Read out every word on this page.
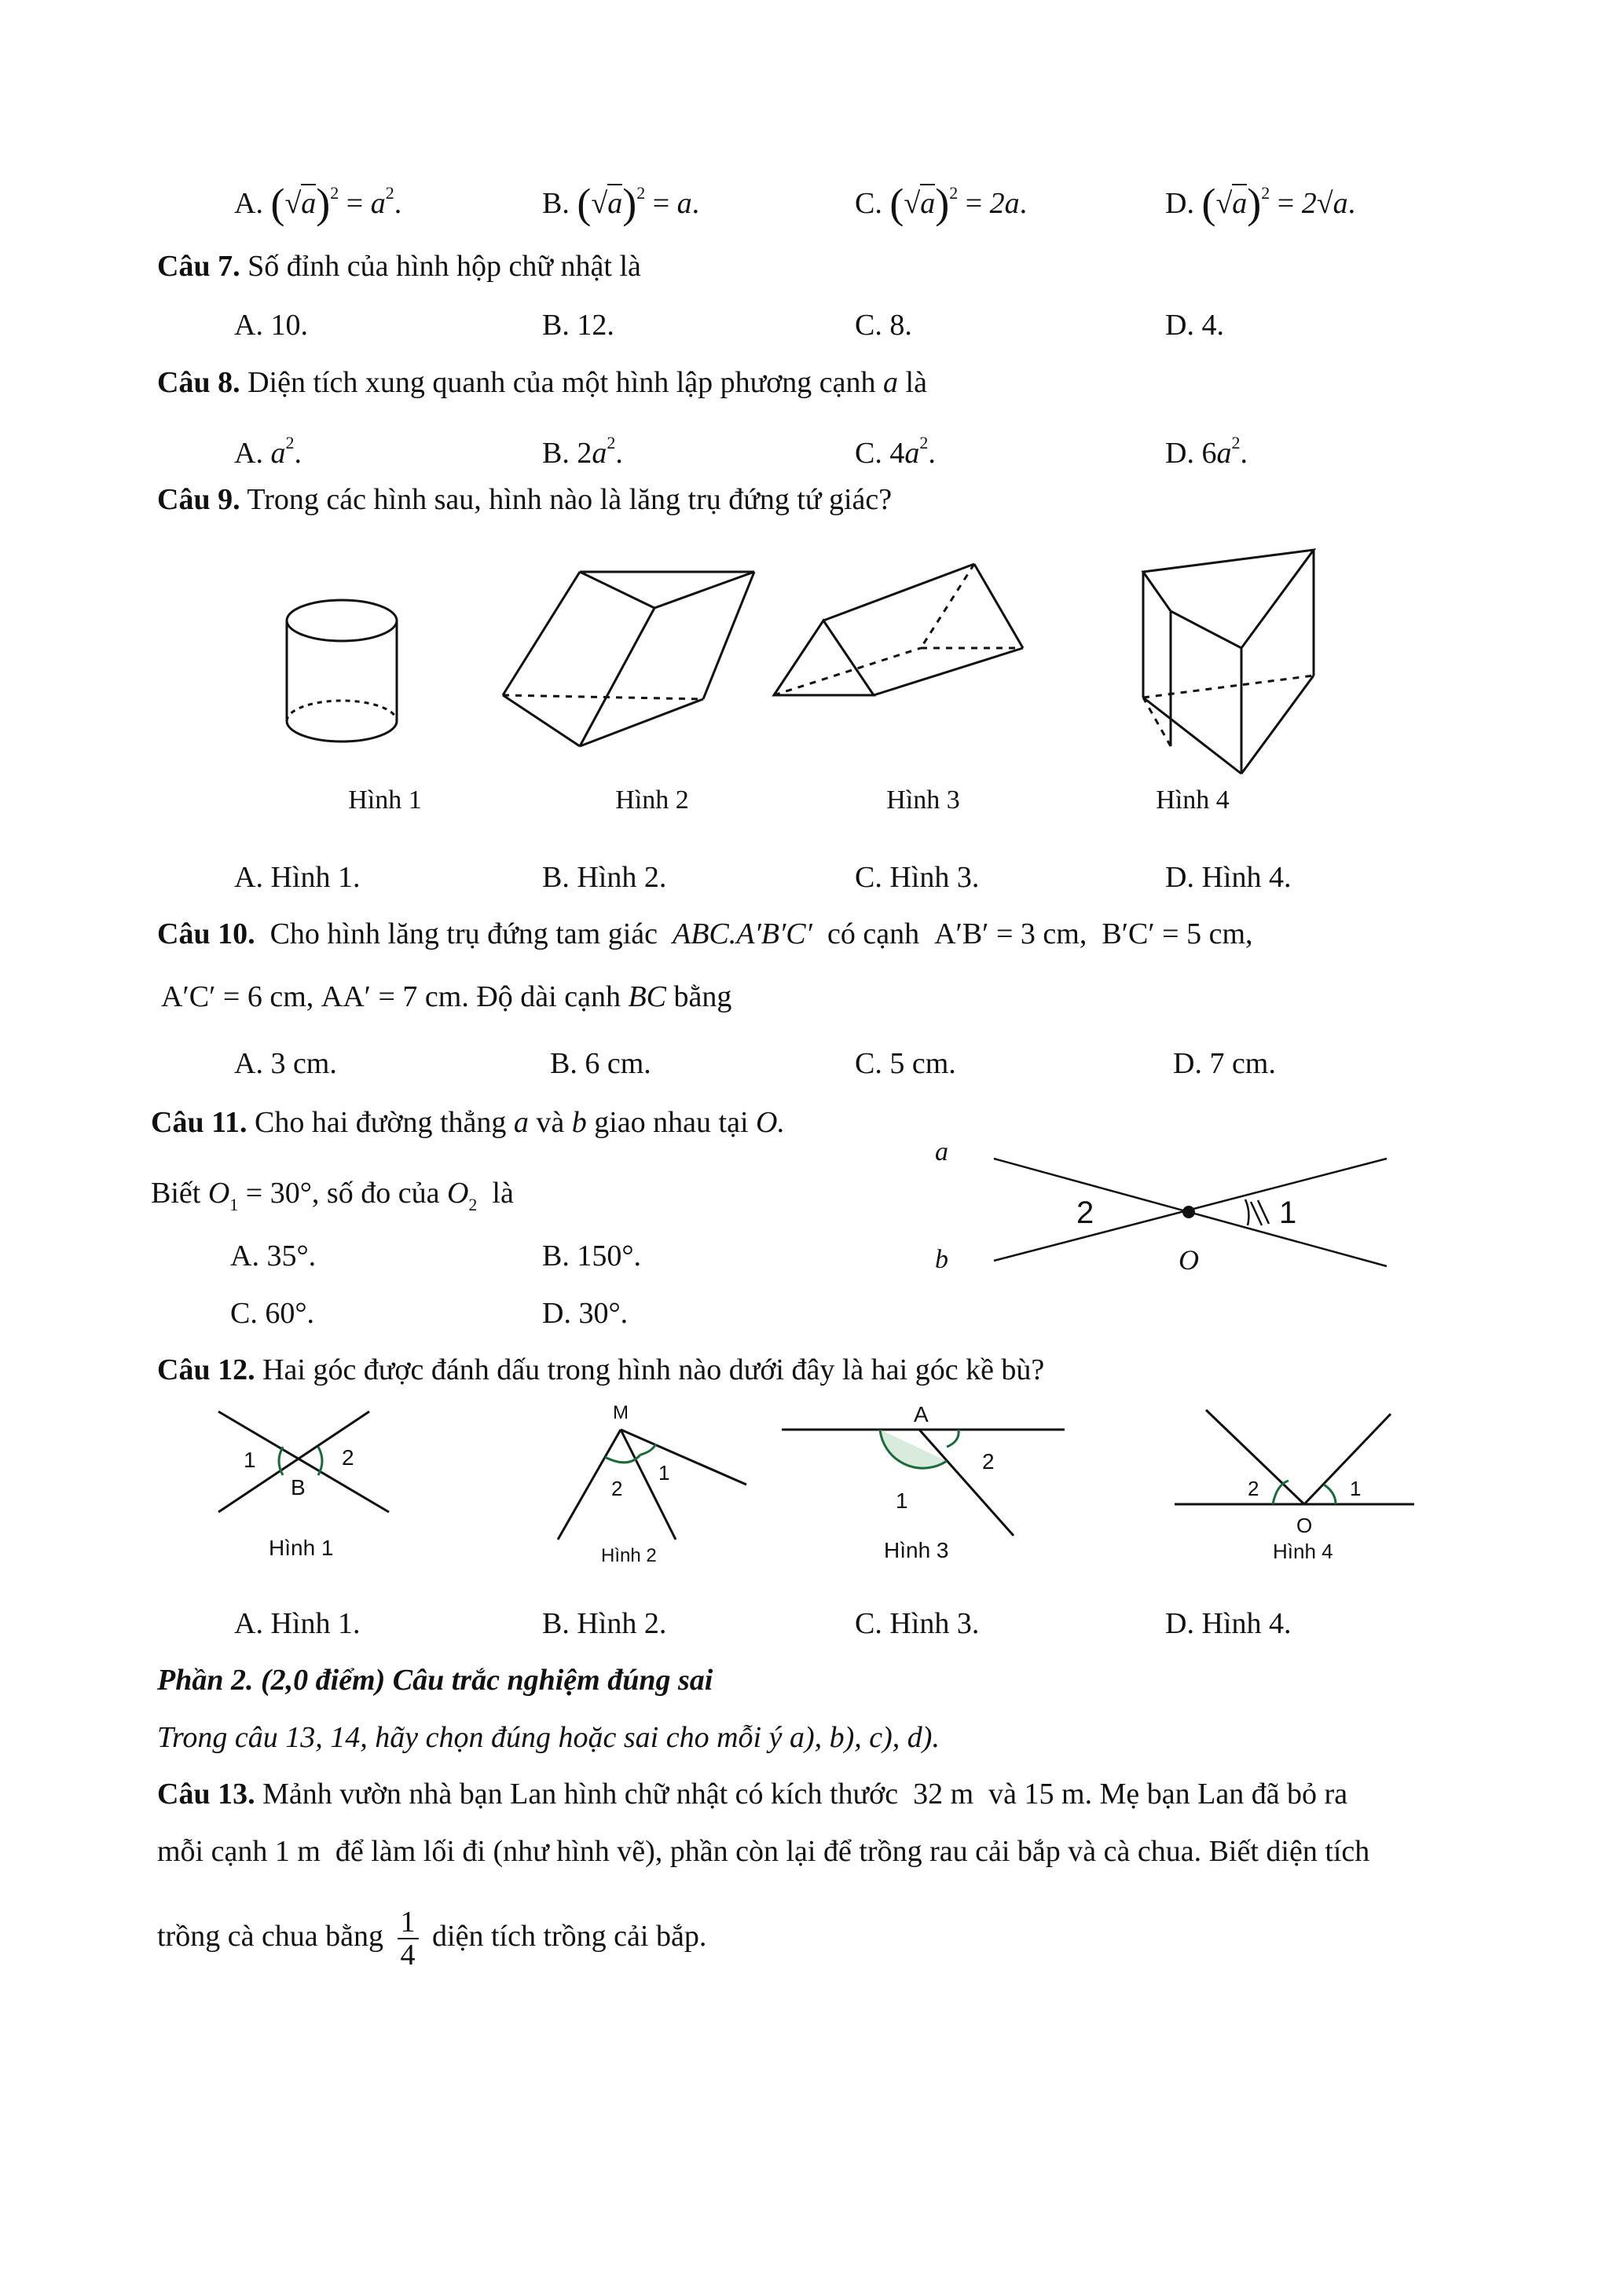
A. $(√a)^2 = a^2$.	B. $(√a)^2 = a$.	C. $(√a)^2 = 2a$.	D. $(√a)^2 = 2√a$.
Câu 7. Số đỉnh của hình hộp chữ nhật là
A. 10.	B. 12.	C. 8.	D. 4.
Câu 8. Diện tích xung quanh của một hình lập phương cạnh a là
A. $a^2$.	B. $2a^2$.	C. $4a^2$.	D. $6a^2$.
Câu 9. Trong các hình sau, hình nào là lăng trụ đứng tứ giác?
Hình 1	Hình 2	Hình 3	Hình 4
A. Hình 1.	B. Hình 2.	C. Hình 3.	D. Hình 4.
Câu 10. Cho hình lăng trụ đứng tam giác ABC.A′B′C′ có cạnh A′B′ = 3 cm, B′C′ = 5 cm,
A′C′ = 6 cm, AA′ = 7 cm. Độ dài cạnh BC bằng
A. 3 cm.	B. 6 cm.	C. 5 cm.	D. 7 cm.
Câu 11. Cho hai đường thẳng a và b giao nhau tại O.
Biết $O_1 = 30^\circ$, số đo của $O_2$ là
A. 35°.	B. 150°.
C. 60°.	D. 30°.
a
b	O
2	1
Câu 12. Hai góc được đánh dấu trong hình nào dưới đây là hai góc kề bù?
1	2
B
Hình 1
M
1
2
Hình 2
A
2
1
Hình 3
2	1
O
Hình 4
A. Hình 1.	B. Hình 2.	C. Hình 3.	D. Hình 4.
Phần 2. (2,0 điểm) Câu trắc nghiệm đúng sai
Trong câu 13, 14, hãy chọn đúng hoặc sai cho mỗi ý a), b), c), d).
Câu 13. Mảnh vườn nhà bạn Lan hình chữ nhật có kích thước 32 m và 15 m. Mẹ bạn Lan đã bỏ ra
mỗi cạnh 1 m để làm lối đi (như hình vẽ), phần còn lại để trồng rau cải bắp và cà chua. Biết diện tích
trồng cà chua bằng $\frac{1}{4}$ diện tích trồng cải bắp.
